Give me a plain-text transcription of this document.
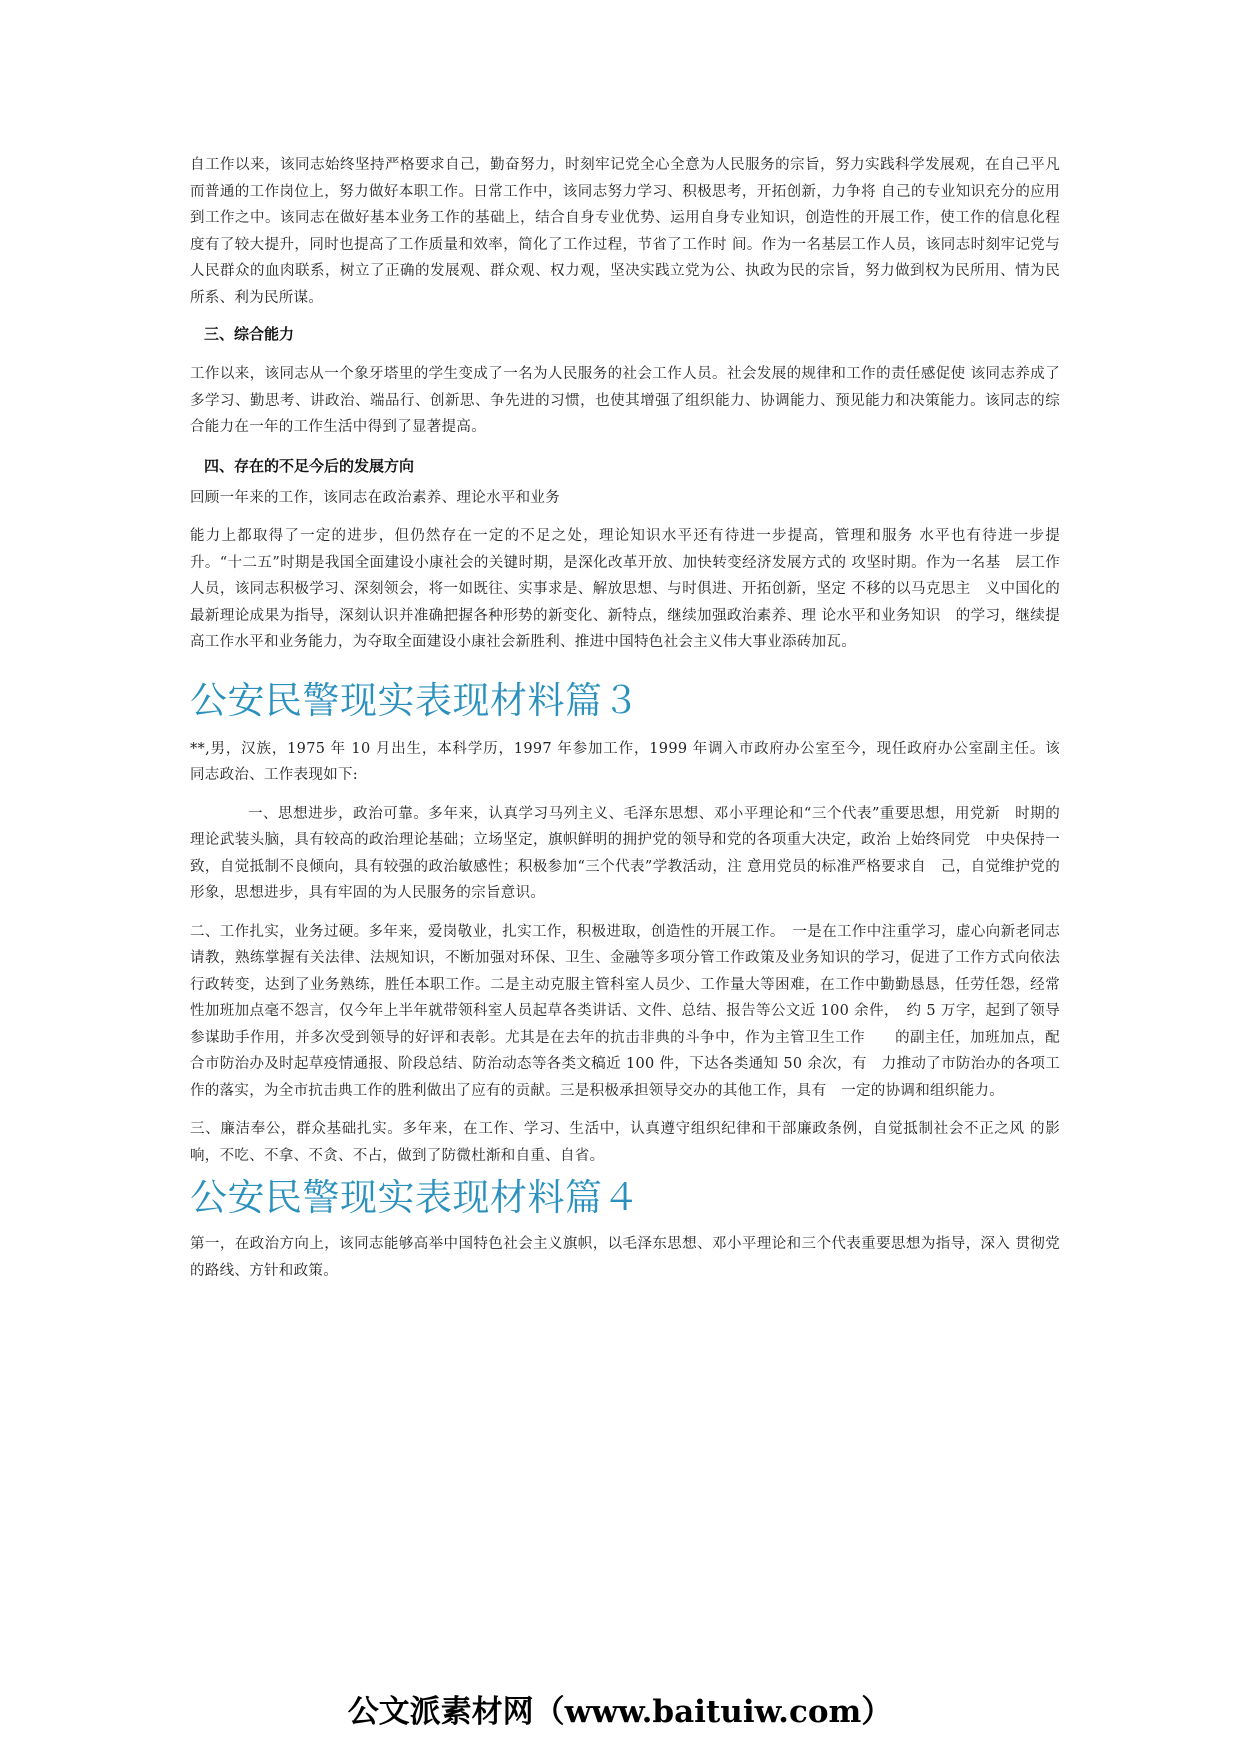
自工作以来，该同志始终坚持严格要求自己，勤奋努力，时刻牢记党全心全意为人民服务的宗旨，努力实践科学发展观，在自己平凡而普通的工作岗位上，努力做好本职工作。日常工作中，该同志努力学习、积极思考，开拓创新，力争将 自己的专业知识充分的应用到工作之中。该同志在做好基本业务工作的基础上，结合自身专业优势、运用自身专业知识，创造性的开展工作，使工作的信息化程度有了较大提升，同时也提高了工作质量和效率，简化了工作过程，节省了工作时 间。作为一名基层工作人员，该同志时刻牢记党与人民群众的血肉联系，树立了正确的发展观、群众观、权力观，坚决实践立党为公、执政为民的宗旨，努力做到权为民所用、情为民所系、利为民所谋。

三、综合能力

工作以来，该同志从一个象牙塔里的学生变成了一名为人民服务的社会工作人员。社会发展的规律和工作的责任感促使 该同志养成了多学习、勤思考、讲政治、端品行、创新思、争先进的习惯，也使其增强了组织能力、协调能力、预见能力和决策能力。该同志的综合能力在一年的工作生活中得到了显著提高。

四、存在的不足今后的发展方向

回顾一年来的工作，该同志在政治素养、理论水平和业务

能力上都取得了一定的进步，但仍然存在一定的不足之处，理论知识水平还有待进一步提高，管理和服务 水平也有待进一步提　升。“十二五”时期是我国全面建设小康社会的关键时期，是深化改革开放、加快转变经济发展方式的 攻坚时期。作为一名基　层工作人员，该同志积极学习、深刻领会，将一如既往、实事求是、解放思想、与时俱进、开拓创新，坚定 不移的以马克思主　义中国化的最新理论成果为指导，深刻认识并准确把握各种形势的新变化、新特点，继续加强政治素养、理 论水平和业务知识　的学习，继续提高工作水平和业务能力，为夺取全面建设小康社会新胜利、推进中国特色社会主义伟大事业添砖加瓦。

公安民警现实表现材料篇３

**,男，汉族，1975 年 10 月出生，本科学历，1997 年参加工作，1999 年调入市政府办公室至今，现任政府办公室副主任。该　同志政治、工作表现如下:

一、思想进步，政治可靠。多年来，认真学习马列主义、毛泽东思想、邓小平理论和“三个代表”重要思想，用党新　时期的理论武装头脑，具有较高的政治理论基础；立场坚定，旗帜鲜明的拥护党的领导和党的各项重大决定，政治 上始终同党　中央保持一致，自觉抵制不良倾向，具有较强的政治敏感性；积极参加“三个代表”学教活动，注 意用党员的标准严格要求自　己，自觉维护党的形象，思想进步，具有牢固的为人民服务的宗旨意识。

二、工作扎实，业务过硬。多年来，爱岗敬业，扎实工作，积极进取，创造性的开展工作。　一是在工作中注重学习，虚心向新老同志请教，熟练掌握有关法律、法规知识，不断加强对环保、卫生、金融等多项分管工作政策及业务知识的学习，促进了工作方式向依法行政转变，达到了业务熟练，胜任本职工作。二是主动克服主管科室人员少、工作量大等困难，在工作中勤勤恳恳，任劳任怨，经常性加班加点毫不怨言，仅今年上半年就带领科室人员起草各类讲话、文件、总结、报告等公文近 100 余件，　约 5 万字，起到了领导参谋助手作用，并多次受到领导的好评和表彰。尤其是在去年的抗击非典的斗争中，作为主管卫生工作　　的副主任，加班加点，配合市防治办及时起草疫情通报、阶段总结、防治动态等各类文稿近 100 件，下达各类通知 50 余次，有　力推动了市防治办的各项工作的落实，为全市抗击典工作的胜利做出了应有的贡献。三是积极承担领导交办的其他工作，具有　一定的协调和组织能力。

三、廉洁奉公，群众基础扎实。多年来，在工作、学习、生活中，认真遵守组织纪律和干部廉政条例，自觉抵制社会不正之风 的影响，不吃、不拿、不贪、不占，做到了防微杜渐和自重、自省。

公安民警现实表现材料篇４

第一，在政治方向上，该同志能够高举中国特色社会主义旗帜，以毛泽东思想、邓小平理论和三个代表重要思想为指导，深入 贯彻党的路线、方针和政策。

公文派素材网（www.baituiw.com）
